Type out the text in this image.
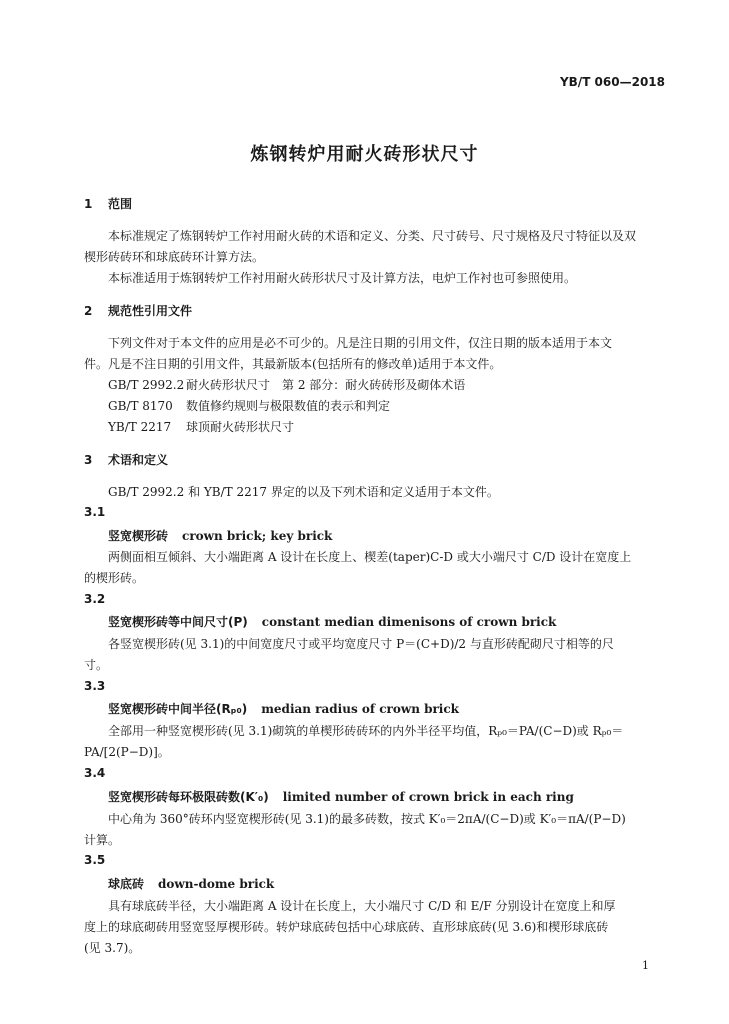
YB/T 060—2018
炼钢转炉用耐火砖形状尺寸
1 范围
本标准规定了炼钢转炉工作衬用耐火砖的术语和定义、分类、尺寸砖号、尺寸规格及尺寸特征以及双
楔形砖砖环和球底砖环计算方法。
本标准适用于炼钢转炉工作衬用耐火砖形状尺寸及计算方法，电炉工作衬也可参照使用。
2 规范性引用文件
下列文件对于本文件的应用是必不可少的。凡是注日期的引用文件，仅注日期的版本适用于本文
件。凡是不注日期的引用文件，其最新版本(包括所有的修改单)适用于本文件。
GB/T 2992.2 耐火砖形状尺寸　第 2 部分：耐火砖砖形及砌体术语
GB/T 8170 数值修约规则与极限数值的表示和判定
YB/T 2217 球顶耐火砖形状尺寸
3 术语和定义
GB/T 2992.2 和 YB/T 2217 界定的以及下列术语和定义适用于本文件。
3.1
竖宽楔形砖 crown brick; key brick
两侧面相互倾斜、大小端距离 A 设计在长度上、楔差(taper)C-D 或大小端尺寸 C/D 设计在宽度上
的楔形砖。
3.2
竖宽楔形砖等中间尺寸(P) constant median dimenisons of crown brick
各竖宽楔形砖(见 3.1)的中间宽度尺寸或平均宽度尺寸 P＝(C+D)/2 与直形砖配砌尺寸相等的尺
寸。
3.3
竖宽楔形砖中间半径(Rₚ₀) median radius of crown brick
全部用一种竖宽楔形砖(见 3.1)砌筑的单楔形砖砖环的内外半径平均值，Rₚ₀＝PA/(C−D)或 Rₚ₀＝
PA/[2(P−D)]。
3.4
竖宽楔形砖每环极限砖数(K′₀) limited number of crown brick in each ring
中心角为 360°砖环内竖宽楔形砖(见 3.1)的最多砖数，按式 K′₀＝2πA/(C−D)或 K′₀＝πA/(P−D)
计算。
3.5
球底砖 down-dome brick
具有球底砖半径，大小端距离 A 设计在长度上，大小端尺寸 C/D 和 E/F 分别设计在宽度上和厚
度上的球底砌砖用竖宽竖厚楔形砖。转炉球底砖包括中心球底砖、直形球底砖(见 3.6)和楔形球底砖
(见 3.7)。
1
